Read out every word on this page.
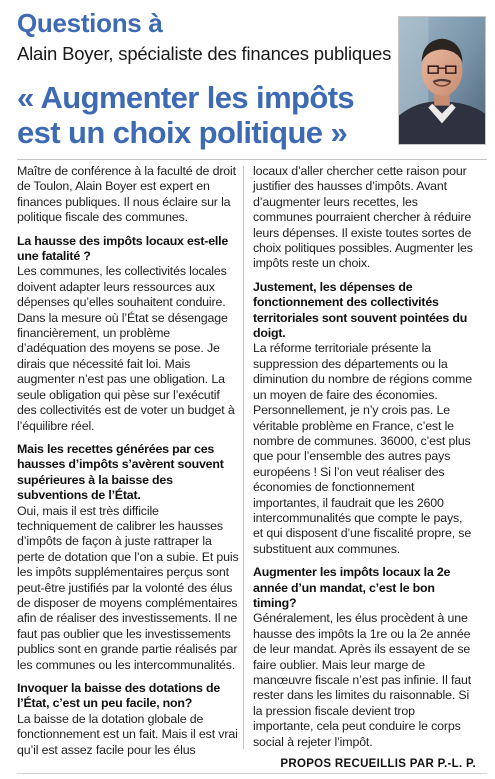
Questions à
Alain Boyer, spécialiste des finances publiques
« Augmenter les impôts est un choix politique »

Maître de conférence à la faculté de droit de Toulon, Alain Boyer est expert en finances publiques. Il nous éclaire sur la politique fiscale des communes.

La hausse des impôts locaux est-elle une fatalité ?

Les communes, les collectivités locales doivent adapter leurs ressources aux dépenses qu’elles souhaitent conduire. Dans la mesure où l’État se désengage financièrement, un problème d’adéquation des moyens se pose. Je dirais que nécessité fait loi. Mais augmenter n’est pas une obligation. La seule obligation qui pèse sur l’exécutif des collectivités est de voter un budget à l’équilibre réel.

Mais les recettes générées par ces hausses d’impôts s’avèrent souvent supérieures à la baisse des subventions de l’État.

Oui, mais il est très difficile techniquement de calibrer les hausses d’impôts de façon à juste rattraper la perte de dotation que l’on a subie. Et puis les impôts supplémentaires perçus sont peut-être justifiés par la volonté des élus de disposer de moyens complémentaires afin de réaliser des investissements. Il ne faut pas oublier que les investissements publics sont en grande partie réalisés par les communes ou les intercommunalités.

Invoquer la baisse des dotations de l’État, c’est un peu facile, non?

La baisse de la dotation globale de fonctionnement est un fait. Mais il est vrai qu’il est assez facile pour les élus

locaux d’aller chercher cette raison pour justifier des hausses d’impôts. Avant d’augmenter leurs recettes, les communes pourraient chercher à réduire leurs dépenses. Il existe toutes sortes de choix politiques possibles. Augmenter les impôts reste un choix.

Justement, les dépenses de fonctionnement des collectivités territoriales sont souvent pointées du doigt.

La réforme territoriale présente la suppression des départements ou la diminution du nombre de régions comme un moyen de faire des économies. Personnellement, je n’y crois pas. Le véritable problème en France, c’est le nombre de communes. 36000, c’est plus que pour l’ensemble des autres pays européens ! Si l’on veut réaliser des économies de fonctionnement importantes, il faudrait que les 2600 intercommunalités que compte le pays, et qui disposent d’une fiscalité propre, se substituent aux communes.

Augmenter les impôts locaux la 2e année d’un mandat, c’est le bon timing?

Généralement, les élus procèdent à une hausse des impôts la 1re ou la 2e année de leur mandat. Après ils essayent de se faire oublier. Mais leur marge de manœuvre fiscale n’est pas infinie. Il faut rester dans les limites du raisonnable. Si la pression fiscale devient trop importante, cela peut conduire le corps social à rejeter l’impôt.

PROPOS RECUEILLIS PAR P.-L. P.
